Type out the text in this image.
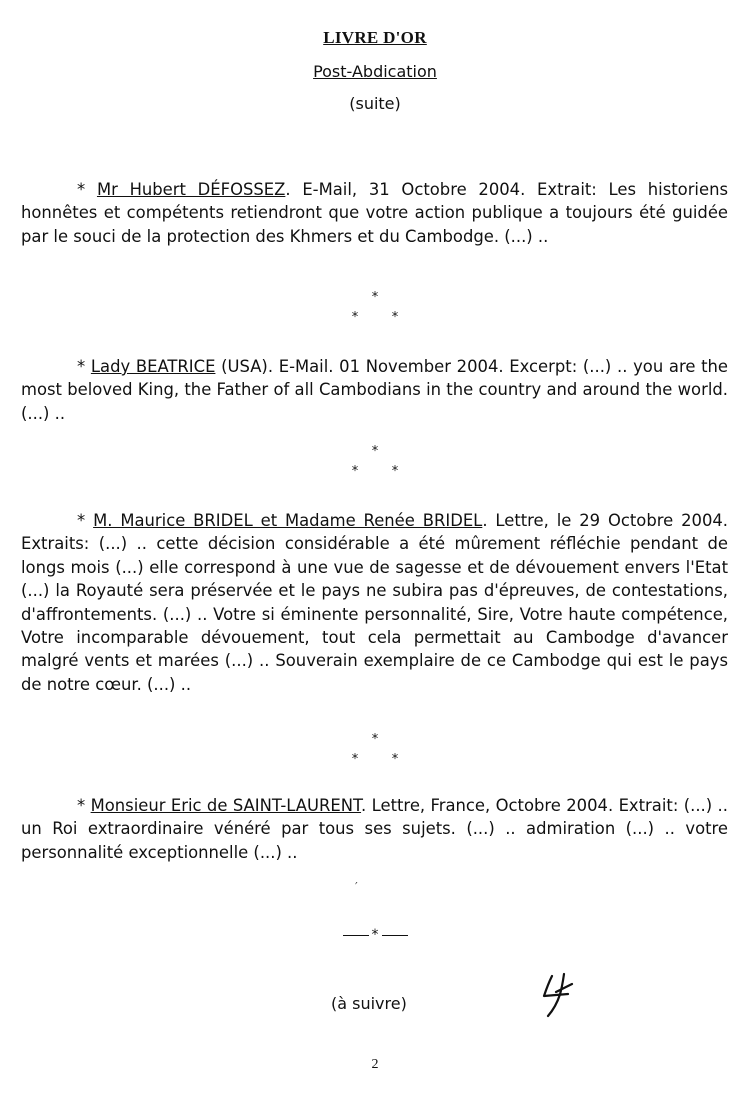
LIVRE D'OR
Post-Abdication
(suite)

* Mr Hubert DÉFOSSEZ. E-Mail, 31 Octobre 2004. Extrait: Les historiens honnêtes et compétents retiendront que votre action publique a toujours été guidée par le souci de la protection des Khmers et du Cambodge. (...) ..

*
*	*

* Lady BEATRICE (USA). E-Mail. 01 November 2004. Excerpt: (...) .. you are the most beloved King, the Father of all Cambodians in the country and around the world. (...) ..

*
*	*

* M. Maurice BRIDEL et Madame Renée BRIDEL. Lettre, le 29 Octobre 2004. Extraits: (...) .. cette décision considérable a été mûrement réfléchie pendant de longs mois (...) elle correspond à une vue de sagesse et de dévouement envers l'Etat (...) la Royauté sera préservée et le pays ne subira pas d'épreuves, de contestations, d'affrontements. (...) .. Votre si éminente personnalité, Sire, Votre haute compétence, Votre incomparable dévouement, tout cela permettait au Cambodge d'avancer malgré vents et marées (...) .. Souverain exemplaire de ce Cambodge qui est le pays de notre cœur. (...) ..

*
*	*

* Monsieur Eric de SAINT-LAURENT. Lettre, France, Octobre 2004. Extrait: (...) .. un Roi extraordinaire vénéré par tous ses sujets. (...) .. admiration (...) .. votre personnalité exceptionnelle (...) ..

′
*
(à suivre)
2
